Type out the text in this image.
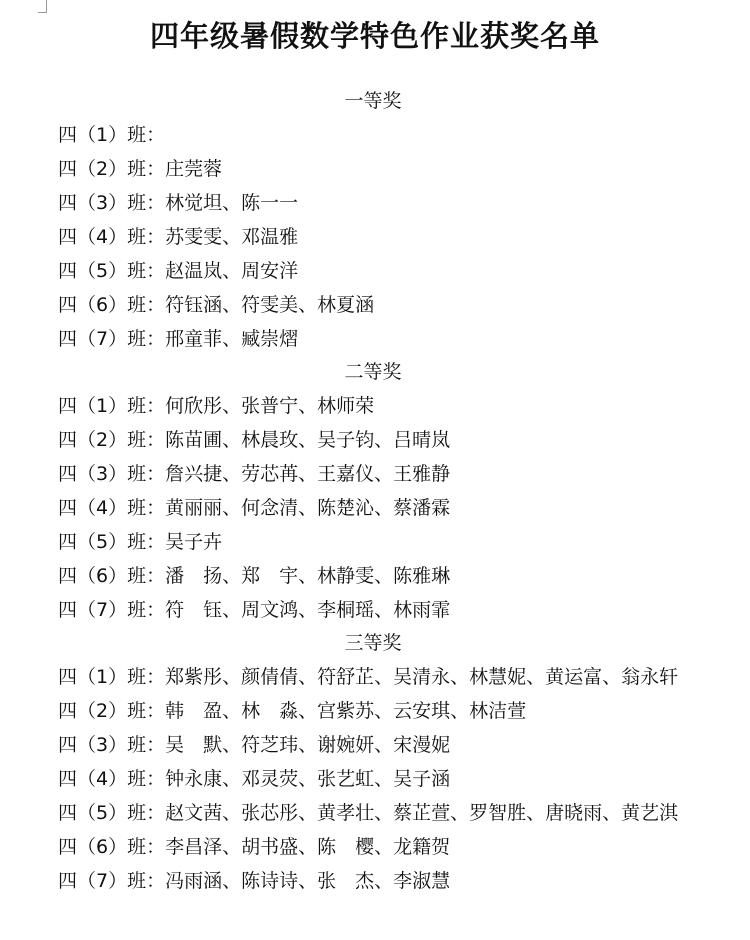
四年级暑假数学特色作业获奖名单
一等奖
四（1）班：
四（2）班：庄莞蓉
四（3）班：林觉坦、陈一一
四（4）班：苏雯雯、邓温雅
四（5）班：赵温岚、周安洋
四（6）班：符钰涵、符雯美、林夏涵
四（7）班：邢童菲、臧崇熠
二等奖
四（1）班：何欣彤、张普宁、林师荣
四（2）班：陈苗圃、林晨玫、吴子钧、吕晴岚
四（3）班：詹兴捷、劳芯苒、王嘉仪、王雅静
四（4）班：黄丽丽、何念清、陈楚沁、蔡潘霖
四（5）班：吴子卉
四（6）班：潘　扬、郑　宇、林静雯、陈雅琳
四（7）班：符　钰、周文鸿、李桐瑶、林雨霏
三等奖
四（1）班：郑紫彤、颜倩倩、符舒芷、吴清永、林慧妮、黄运富、翁永轩
四（2）班：韩　盈、林　淼、宫紫苏、云安琪、林洁萱
四（3）班：吴　默、符芝玮、谢婉妍、宋漫妮
四（4）班：钟永康、邓灵荧、张艺虹、吴子涵
四（5）班：赵文茜、张芯彤、黄孝壮、蔡芷萱、罗智胜、唐晓雨、黄艺淇
四（6）班：李昌泽、胡书盛、陈　樱、龙籍贺
四（7）班：冯雨涵、陈诗诗、张　杰、李淑慧
